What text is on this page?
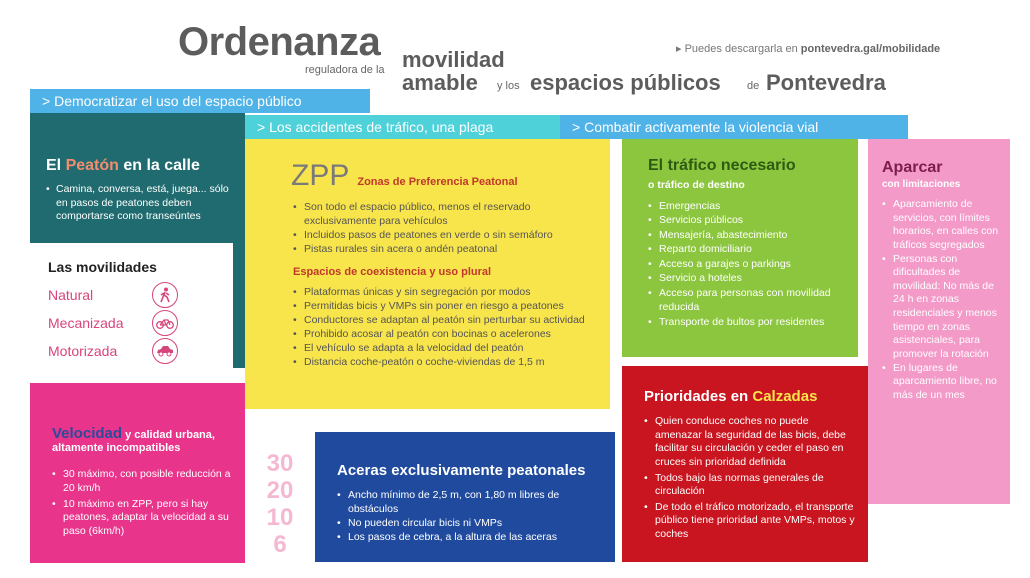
Ordenanza
reguladora de la movilidad
amable y los espacios públicos de Pontevedra
▸ Puedes descargarla en pontevedra.gal/mobilidade
El Peatón en la calle

• Camina, conversa, está, juega... sólo en pasos de peatones deben comportarse como transeúntes

> Democratizar el uso del espacio público
> Los accidentes de tráfico, una plaga	> Combatir activamente la violencia vial
Las movilidades
Natural
Mecanizada
Motorizada
ZPP Zonas de Preferencia Peatonal
• Son todo el espacio público, menos el reservado exclusivamente para vehículos
• Incluidos pasos de peatones en verde o sin semáforo
• Pistas rurales sin acera o andén peatonal
Espacios de coexistencia y uso plural
• Plataformas únicas y sin segregación por modos
• Permitidas bicis y VMPs sin poner en riesgo a peatones
• Conductores se adaptan al peatón sin perturbar su actividad
• Prohibido acosar al peatón con bocinas o acelerones
• El vehículo se adapta a la velocidad del peatón
• Distancia coche-peatón o coche-viviendas de 1,5 m
El tráfico necesario
o tráfico de destino
• Emergencias
• Servicios públicos
• Mensajería, abastecimiento
• Reparto domiciliario
• Acceso a garajes o parkings
• Servicio a hoteles
• Acceso para personas con movilidad reducida
• Transporte de bultos por residentes
Aparcar
con limitaciones
• Aparcamiento de servicios, con límites horarios, en calles con tráficos segregados
• Personas con dificultades de movilidad: No más de 24 h en zonas residenciales y menos tiempo en zonas asistenciales, para promover la rotación
• En lugares de aparcamiento libre, no más de un mes
Velocidad y calidad urbana,
altamente incompatibles
• 30 máximo, con posible reducción a 20 km/h
• 10 máximo en ZPP, pero si hay peatones, adaptar la velocidad a su paso (6km/h)
30
20
10
6
Aceras exclusivamente peatonales
• Ancho mínimo de 2,5 m, con 1,80 m libres de obstáculos
• No pueden circular bicis ni VMPs
• Los pasos de cebra, a la altura de las aceras
Prioridades en Calzadas
• Quien conduce coches no puede amenazar la seguridad de las bicis, debe facilitar su circulación y ceder el paso en cruces sin prioridad definida
• Todos bajo las normas generales de circulación
• De todo el tráfico motorizado, el transporte público tiene prioridad ante VMPs, motos y coches
